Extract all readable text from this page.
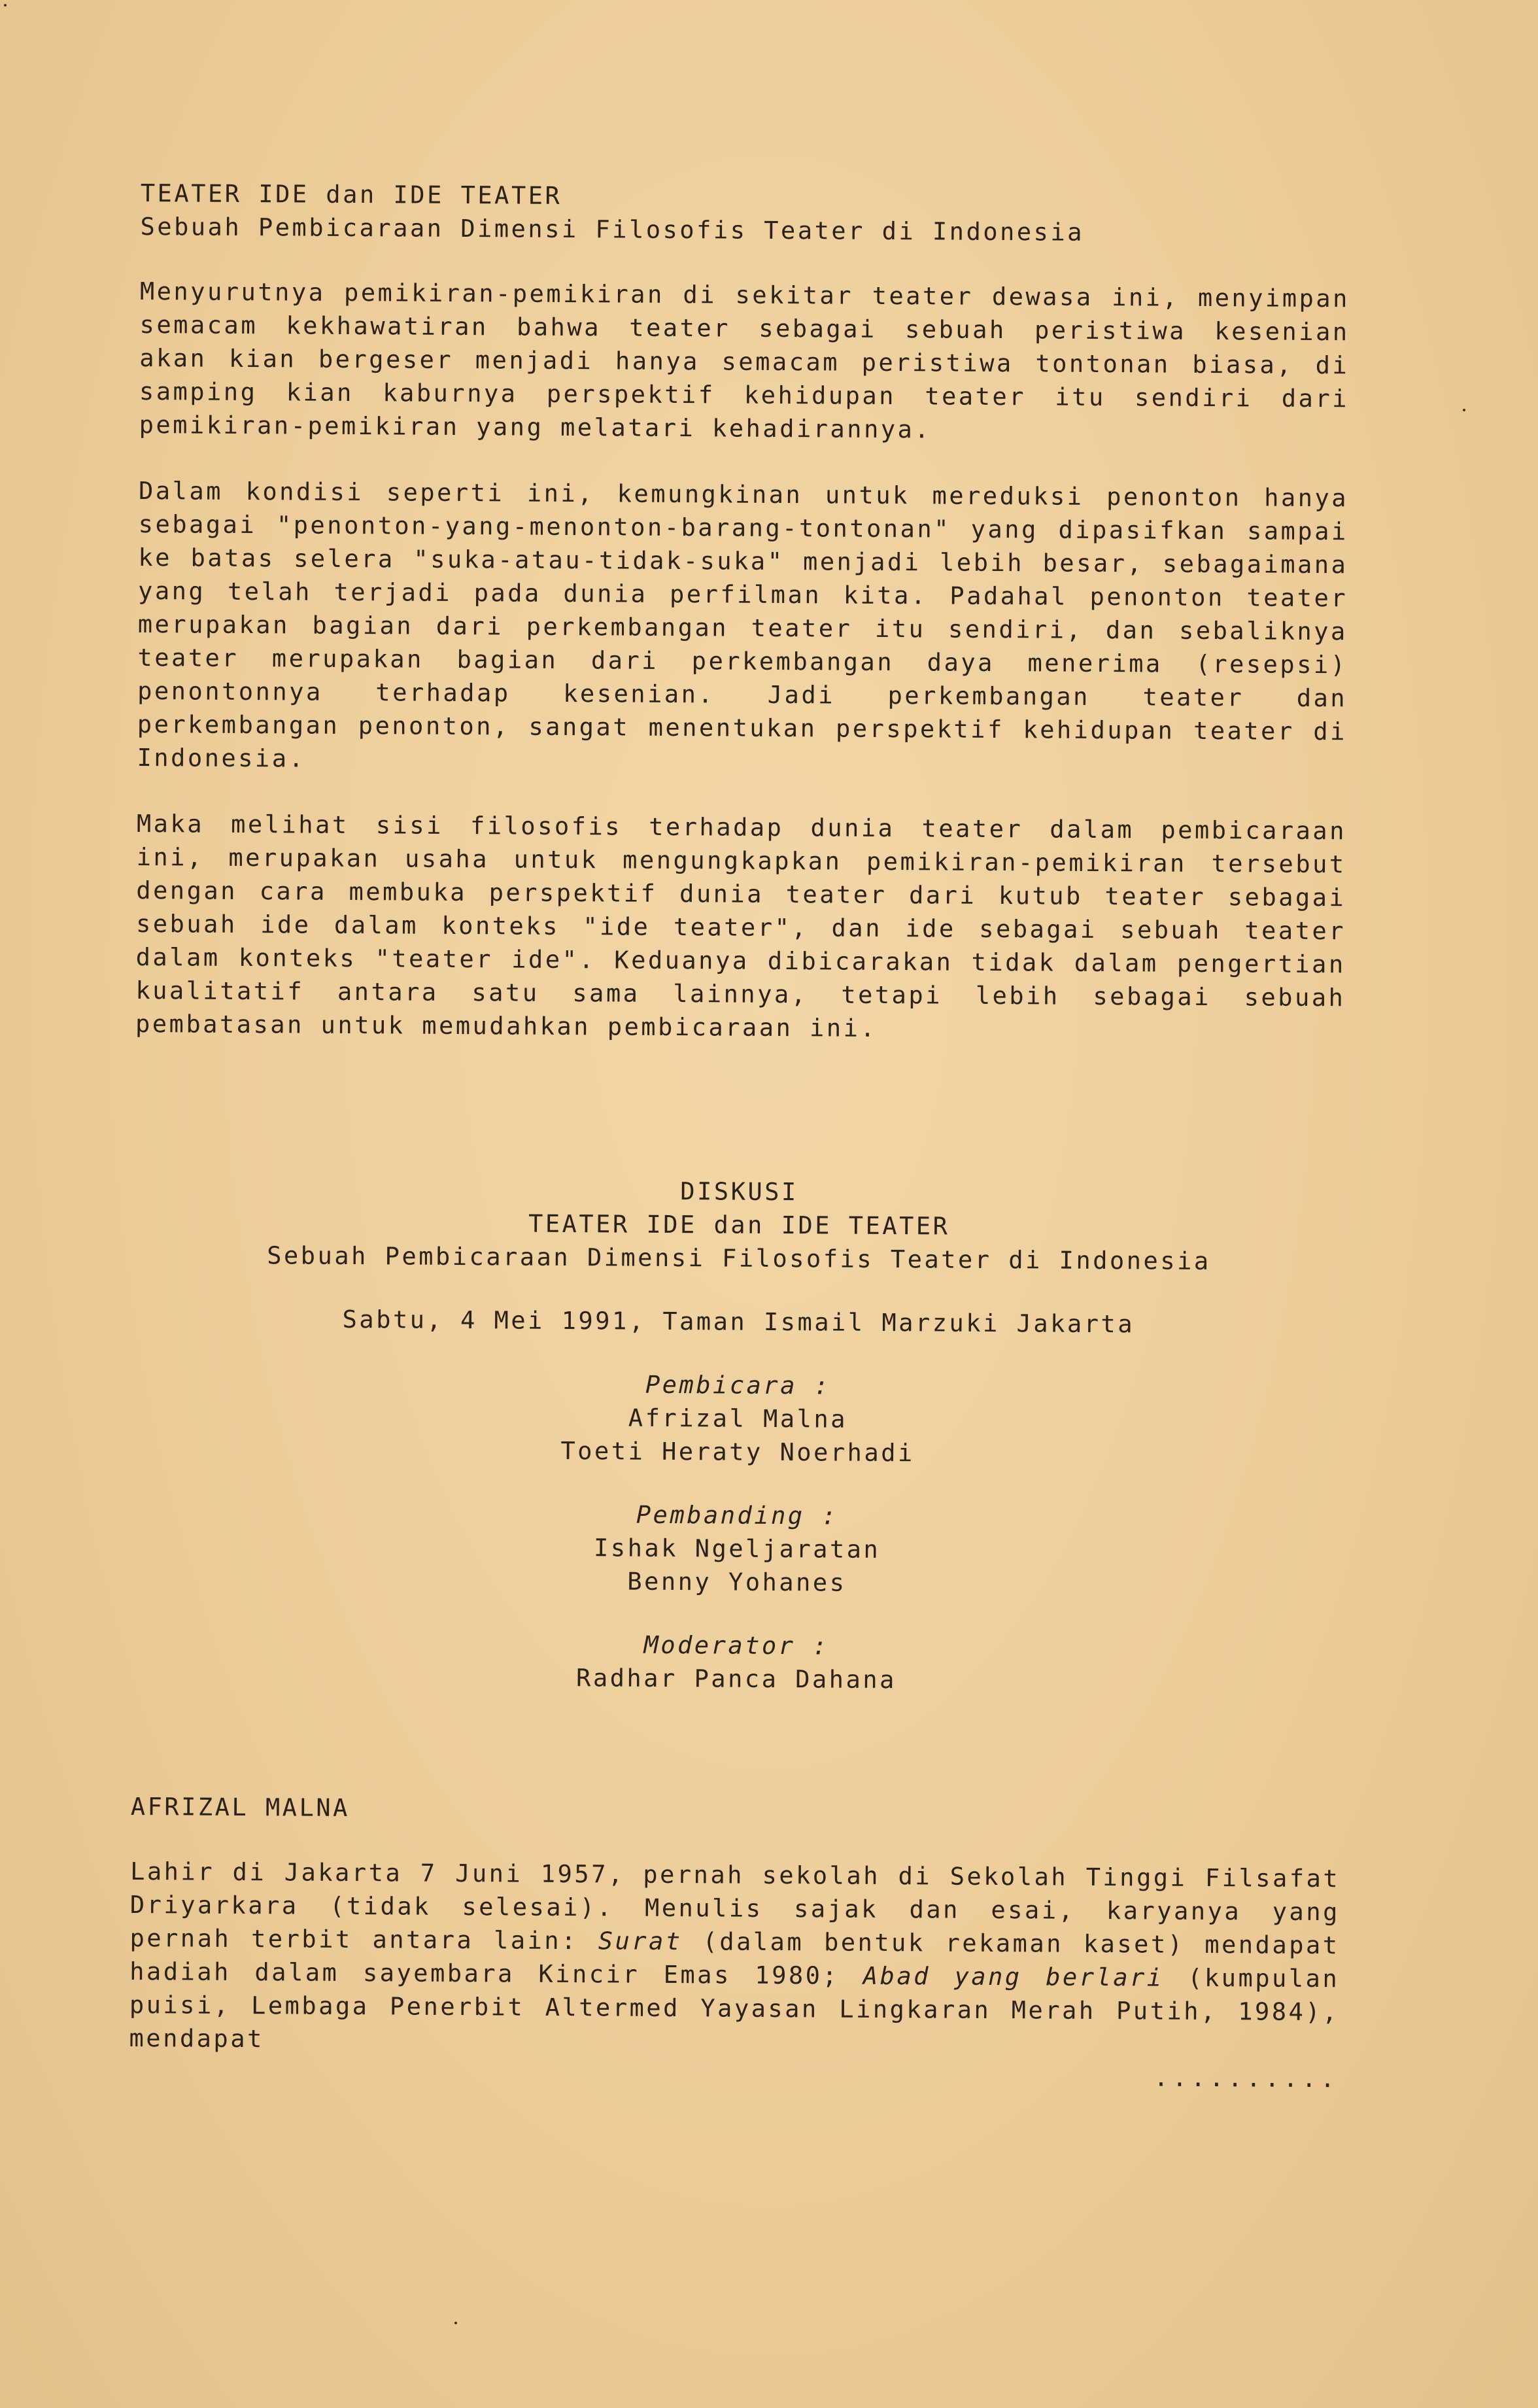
TEATER IDE dan IDE TEATER

Sebuah Pembicaraan Dimensi Filosofis Teater di Indonesia

Menyurutnya pemikiran-pemikiran di sekitar teater dewasa ini, menyimpan semacam kekhawatiran bahwa teater sebagai sebuah peristiwa kesenian akan kian bergeser menjadi hanya semacam peristiwa tontonan biasa, di samping kian kaburnya perspektif kehidupan teater itu sendiri dari pemikiran-pemikiran yang melatari kehadirannya.

Dalam kondisi seperti ini, kemungkinan untuk mereduksi penonton hanya sebagai "penonton-yang-menonton-barang-tontonan" yang dipasifkan sampai ke batas selera "suka-atau-tidak-suka" menjadi lebih besar, sebagaimana yang telah terjadi pada dunia perfilman kita. Padahal penonton teater merupakan bagian dari perkembangan teater itu sendiri, dan sebaliknya teater merupakan bagian dari perkembangan daya menerima (resepsi) penontonnya terhadap kesenian. Jadi perkembangan teater dan perkembangan penonton, sangat menentukan perspektif kehidupan teater di Indonesia.

Maka melihat sisi filosofis terhadap dunia teater dalam pembicaraan ini, merupakan usaha untuk mengungkapkan pemikiran-pemikiran tersebut dengan cara membuka perspektif dunia teater dari kutub teater sebagai sebuah ide dalam konteks "ide teater", dan ide sebagai sebuah teater dalam konteks "teater ide". Keduanya dibicarakan tidak dalam pengertian kualitatif antara satu sama lainnya, tetapi lebih sebagai sebuah pembatasan untuk memudahkan pembicaraan ini.

DISKUSI

TEATER IDE dan IDE TEATER

Sebuah Pembicaraan Dimensi Filosofis Teater di Indonesia

Sabtu, 4 Mei 1991, Taman Ismail Marzuki Jakarta

Pembicara :

Afrizal Malna

Toeti Heraty Noerhadi

Pembanding :

Ishak Ngeljaratan

Benny Yohanes

Moderator :

Radhar Panca Dahana

AFRIZAL MALNA

Lahir di Jakarta 7 Juni 1957, pernah sekolah di Sekolah Tinggi Filsafat Driyarkara (tidak selesai). Menulis sajak dan esai, karyanya yang pernah terbit antara lain: Surat (dalam bentuk rekaman kaset) mendapat hadiah dalam sayembara Kincir Emas 1980; Abad yang berlari (kumpulan puisi, Lembaga Penerbit Altermed Yayasan Lingkaran Merah Putih, 1984), mendapat

..........
